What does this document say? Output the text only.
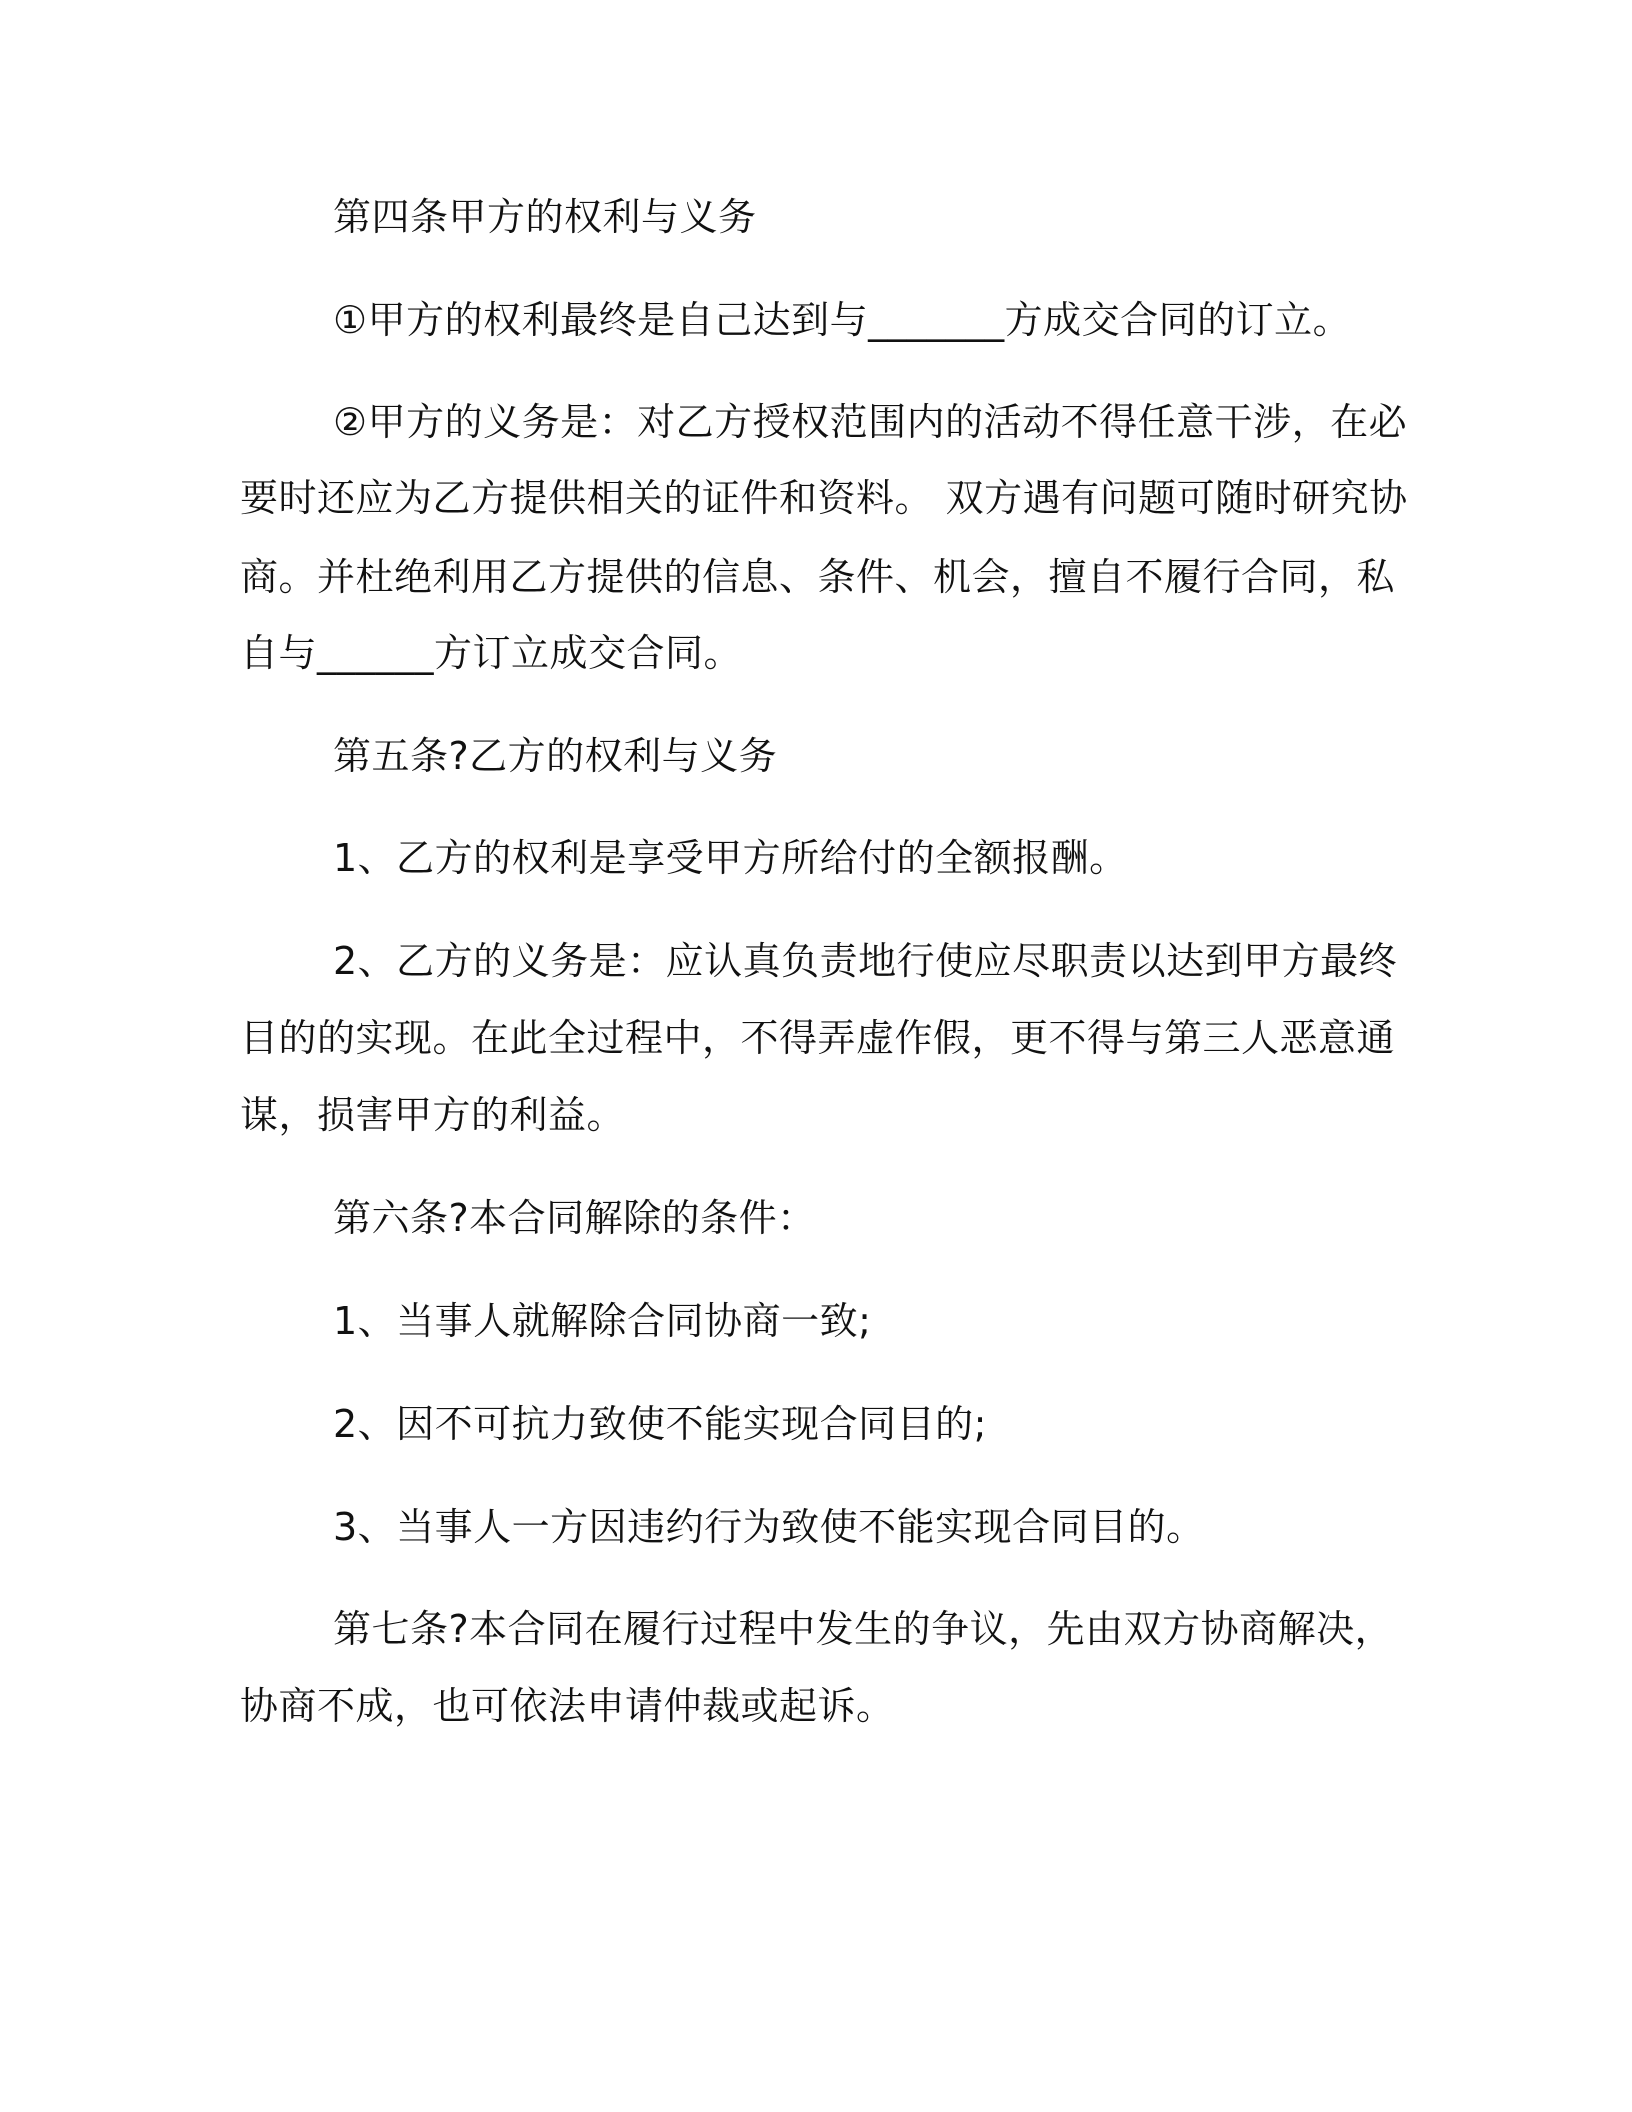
第四条甲方的权利与义务
①甲方的权利最终是自己达到与_______方成交合同的订立。
②甲方的义务是：对乙方授权范围内的活动不得任意干涉，在必
要时还应为乙方提供相关的证件和资料。 双方遇有问题可随时研究协
商。并杜绝利用乙方提供的信息、条件、机会，擅自不履行合同，私
自与______方订立成交合同。
第五条?乙方的权利与义务
1、乙方的权利是享受甲方所给付的全额报酬。
2、乙方的义务是：应认真负责地行使应尽职责以达到甲方最终
目的的实现。在此全过程中，不得弄虚作假，更不得与第三人恶意通
谋，损害甲方的利益。
第六条?本合同解除的条件：
1、当事人就解除合同协商一致;
2、因不可抗力致使不能实现合同目的;
3、当事人一方因违约行为致使不能实现合同目的。
第七条?本合同在履行过程中发生的争议，先由双方协商解决，
协商不成，也可依法申请仲裁或起诉。
